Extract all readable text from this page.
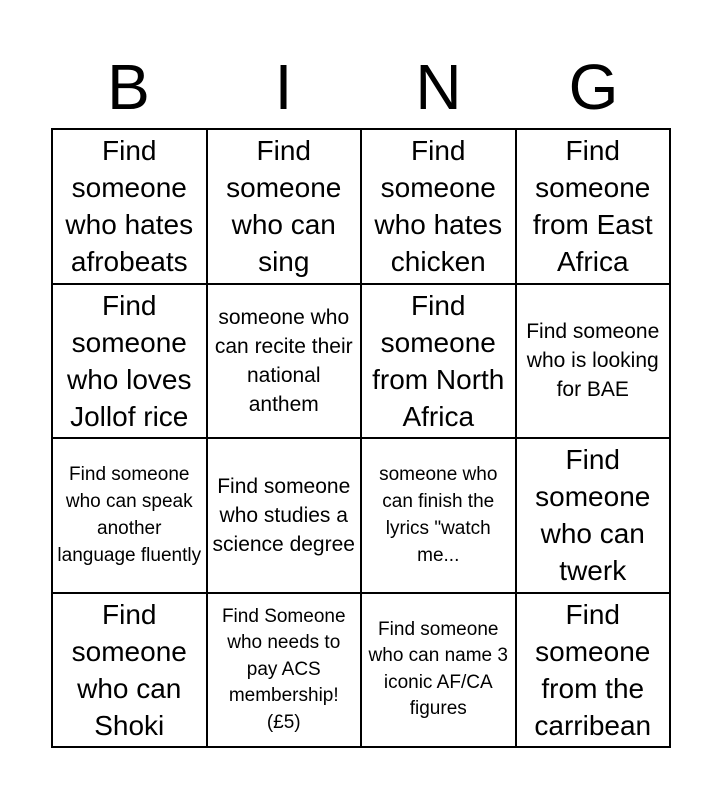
B	I	N	G
Find someone who hates afrobeats
Find someone who can sing
Find someone who hates chicken
Find someone from East Africa
Find someone who loves Jollof rice
someone who can recite their national anthem
Find someone from North Africa
Find someone who is looking for BAE
Find someone who can speak another language fluently
Find someone who studies a science degree
someone who can finish the lyrics "watch me...
Find someone who can twerk
Find someone who can Shoki
Find Someone who needs to pay ACS membership! (£5)
Find someone who can name 3 iconic AF/CA figures
Find someone from the carribean
